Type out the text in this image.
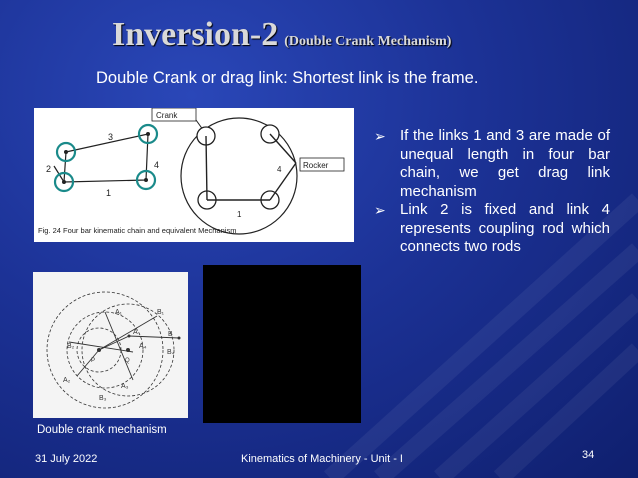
Inversion-2 (Double Crank Mechanism)
Double Crank or drag link: Shortest link is the frame.
3
2	4
1
Crank
Rocker
4
1
Fig. 24 Four bar kinematic chain and equivalent Mechanism
➢ If the links 1 and 3 are made of unequal length in four bar chain, we get drag link mechanism
➢ Link 2 is fixed and link 4 represents coupling rod which connects two rods
A₁	B₁
A	B
B₂	A₄
B₄
A₂
A₃
B₃
P	Q
Double crank mechanism
31 July 2022	Kinematics of Machinery - Unit - I	34
